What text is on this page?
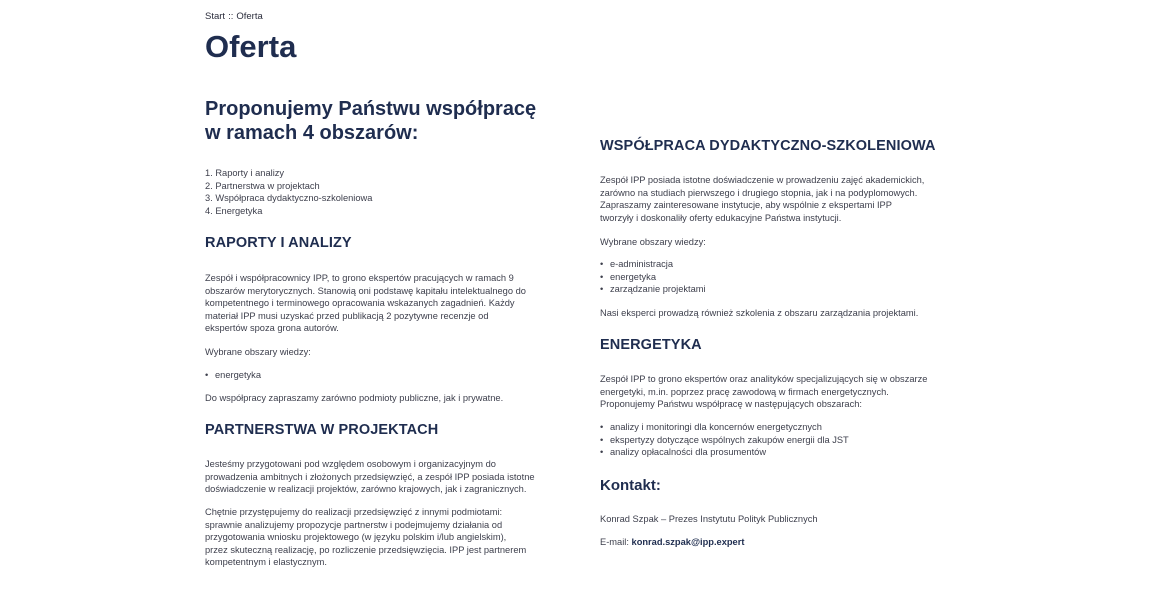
Start :: Oferta
Oferta
Proponujemy Państwu współpracę
w ramach 4 obszarów:
1. Raporty i analizy
2. Partnerstwa w projektach
3. Współpraca dydaktyczno-szkoleniowa
4. Energetyka
RAPORTY I ANALIZY

Zespół i współpracownicy IPP, to grono ekspertów pracujących w ramach 9

obszarów merytorycznych. Stanowią oni podstawę kapitału intelektualnego do

kompetentnego i terminowego opracowania wskazanych zagadnień. Każdy

materiał IPP musi uzyskać przed publikacją 2 pozytywne recenzje od

ekspertów spoza grona autorów.

Wybrane obszary wiedzy:

• energetyka

Do współpracy zapraszamy zarówno podmioty publiczne, jak i prywatne.

PARTNERSTWA W PROJEKTACH

Jesteśmy przygotowani pod względem osobowym i organizacyjnym do

prowadzenia ambitnych i złożonych przedsięwzięć, a zespół IPP posiada istotne

doświadczenie w realizacji projektów, zarówno krajowych, jak i zagranicznych.

Chętnie przystępujemy do realizacji przedsięwzięć z innymi podmiotami:

sprawnie analizujemy propozycje partnerstw i podejmujemy działania od

przygotowania wniosku projektowego (w języku polskim i/lub angielskim),

przez skuteczną realizację, po rozliczenie przedsięwzięcia. IPP jest partnerem

kompetentnym i elastycznym.

WSPÓŁPRACA DYDAKTYCZNO-SZKOLENIOWA

Zespół IPP posiada istotne doświadczenie w prowadzeniu zajęć akademickich,

zarówno na studiach pierwszego i drugiego stopnia, jak i na podyplomowych.

Zapraszamy zainteresowane instytucje, aby wspólnie z ekspertami IPP

tworzyły i doskonaliły oferty edukacyjne Państwa instytucji.

Wybrane obszary wiedzy:

• e-administracja
• energetyka
• zarządzanie projektami

Nasi eksperci prowadzą również szkolenia z obszaru zarządzania projektami.

ENERGETYKA

Zespół IPP to grono ekspertów oraz analityków specjalizujących się w obszarze

energetyki, m.in. poprzez pracę zawodową w firmach energetycznych.

Proponujemy Państwu współpracę w następujących obszarach:

• analizy i monitoringi dla koncernów energetycznych
• ekspertyzy dotyczące wspólnych zakupów energii dla JST
• analizy opłacalności dla prosumentów
Kontakt:

Konrad Szpak – Prezes Instytutu Polityk Publicznych

E-mail: konrad.szpak@ipp.expert
